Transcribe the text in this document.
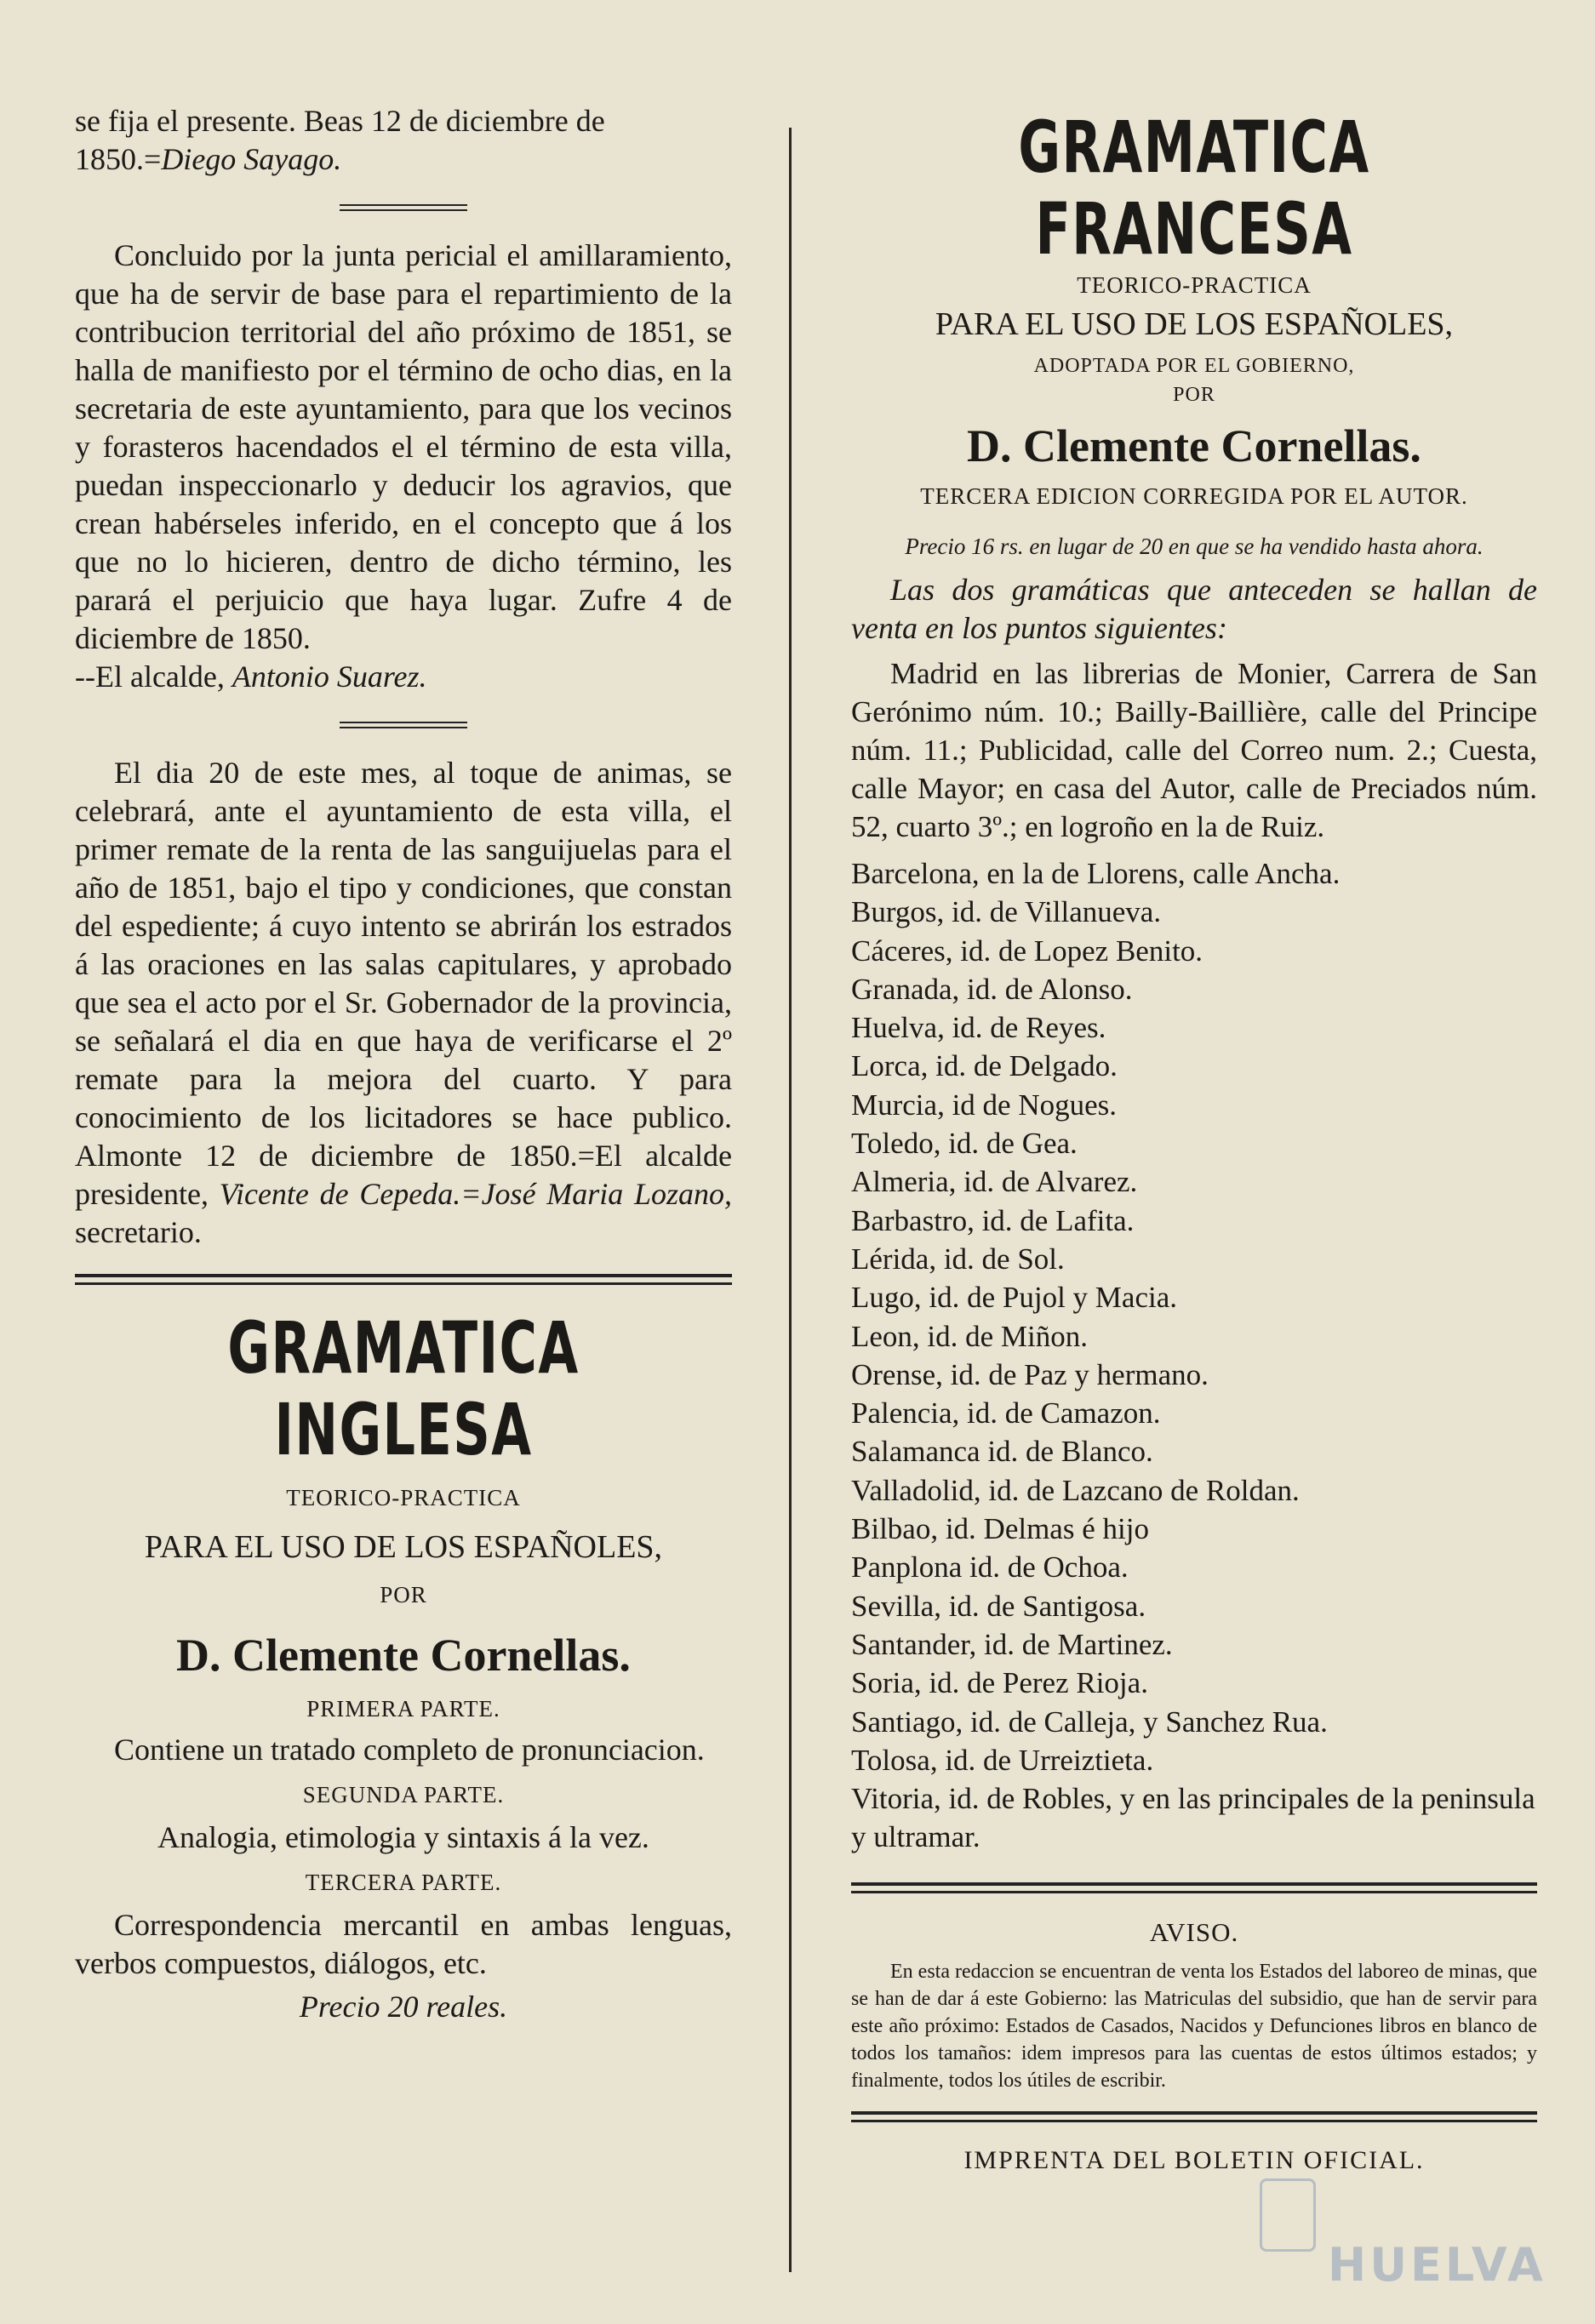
se fija el presente. Beas 12 de diciembre de

1850.=Diego Sayago.

Concluido por la junta pericial el amillaramiento, que ha de servir de base para el repartimiento de la contribucion territorial del año próximo de 1851, se halla de manifiesto por el término de ocho dias, en la secretaria de este ayuntamiento, para que los vecinos y forasteros hacendados el el término de esta villa, puedan inspeccionarlo y deducir los agravios, que crean habérseles inferido, en el concepto que á los que no lo hicieren, dentro de dicho término, les parará el perjuicio que haya lugar. Zufre 4 de diciembre de 1850.

--El alcalde, Antonio Suarez.

El dia 20 de este mes, al toque de animas, se celebrará, ante el ayuntamiento de esta villa, el primer remate de la renta de las sanguijuelas para el año de 1851, bajo el tipo y condiciones, que constan del espediente; á cuyo intento se abrirán los estrados á las oraciones en las salas capitulares, y aprobado que sea el acto por el Sr. Gobernador de la provincia, se señalará el dia en que haya de verificarse el 2º remate para la mejora del cuarto. Y para conocimiento de los licitadores se hace publico. Almonte 12 de diciembre de 1850.=El alcalde presidente, Vicente de Cepeda.=José Maria Lozano, secretario.

GRAMATICA INGLESA

TEORICO-PRACTICA

PARA EL USO DE LOS ESPAÑOLES,

POR

D. Clemente Cornellas.

PRIMERA PARTE.

Contiene un tratado completo de pronunciacion.

SEGUNDA PARTE.

Analogia, etimologia y sintaxis á la vez.

TERCERA PARTE.

Correspondencia mercantil en ambas lenguas, verbos compuestos, diálogos, etc.

Precio 20 reales.

GRAMATICA FRANCESA

TEORICO-PRACTICA

PARA EL USO DE LOS ESPAÑOLES,

ADOPTADA POR EL GOBIERNO,

POR

D. Clemente Cornellas.

TERCERA EDICION CORREGIDA POR EL AUTOR.

Precio 16 rs. en lugar de 20 en que se ha vendido hasta ahora.

Las dos gramáticas que anteceden se hallan de venta en los puntos siguientes:

Madrid en las librerias de Monier, Carrera de San Gerónimo núm. 10.; Bailly-Baillière, calle del Principe núm. 11.; Publicidad, calle del Correo num. 2.; Cuesta, calle Mayor; en casa del Autor, calle de Preciados núm. 52, cuarto 3º.; en logroño en la de Ruiz.

Barcelona, en la de Llorens, calle Ancha.
Burgos, id. de Villanueva.
Cáceres, id. de Lopez Benito.
Granada, id. de Alonso.
Huelva, id. de Reyes.
Lorca, id. de Delgado.
Murcia, id de Nogues.
Toledo, id. de Gea.
Almeria, id. de Alvarez.
Barbastro, id. de Lafita.
Lérida, id. de Sol.
Lugo, id. de Pujol y Macia.
Leon, id. de Miñon.
Orense, id. de Paz y hermano.
Palencia, id. de Camazon.
Salamanca id. de Blanco.
Valladolid, id. de Lazcano de Roldan.
Bilbao, id. Delmas é hijo
Panplona id. de Ochoa.
Sevilla, id. de Santigosa.
Santander, id. de Martinez.
Soria, id. de Perez Rioja.
Santiago, id. de Calleja, y Sanchez Rua.
Tolosa, id. de Urreiztieta.
Vitoria, id. de Robles, y en las principales de la peninsula y ultramar.

AVISO.

En esta redaccion se encuentran de venta los Estados del laboreo de minas, que se han de dar á este Gobierno: las Matriculas del subsidio, que han de servir para este año próximo: Estados de Casados, Nacidos y Defunciones libros en blanco de todos los tamaños: idem impresos para las cuentas de estos últimos estados; y finalmente, todos los útiles de escribir.

IMPRENTA DEL BOLETIN OFICIAL.

HUELVA
